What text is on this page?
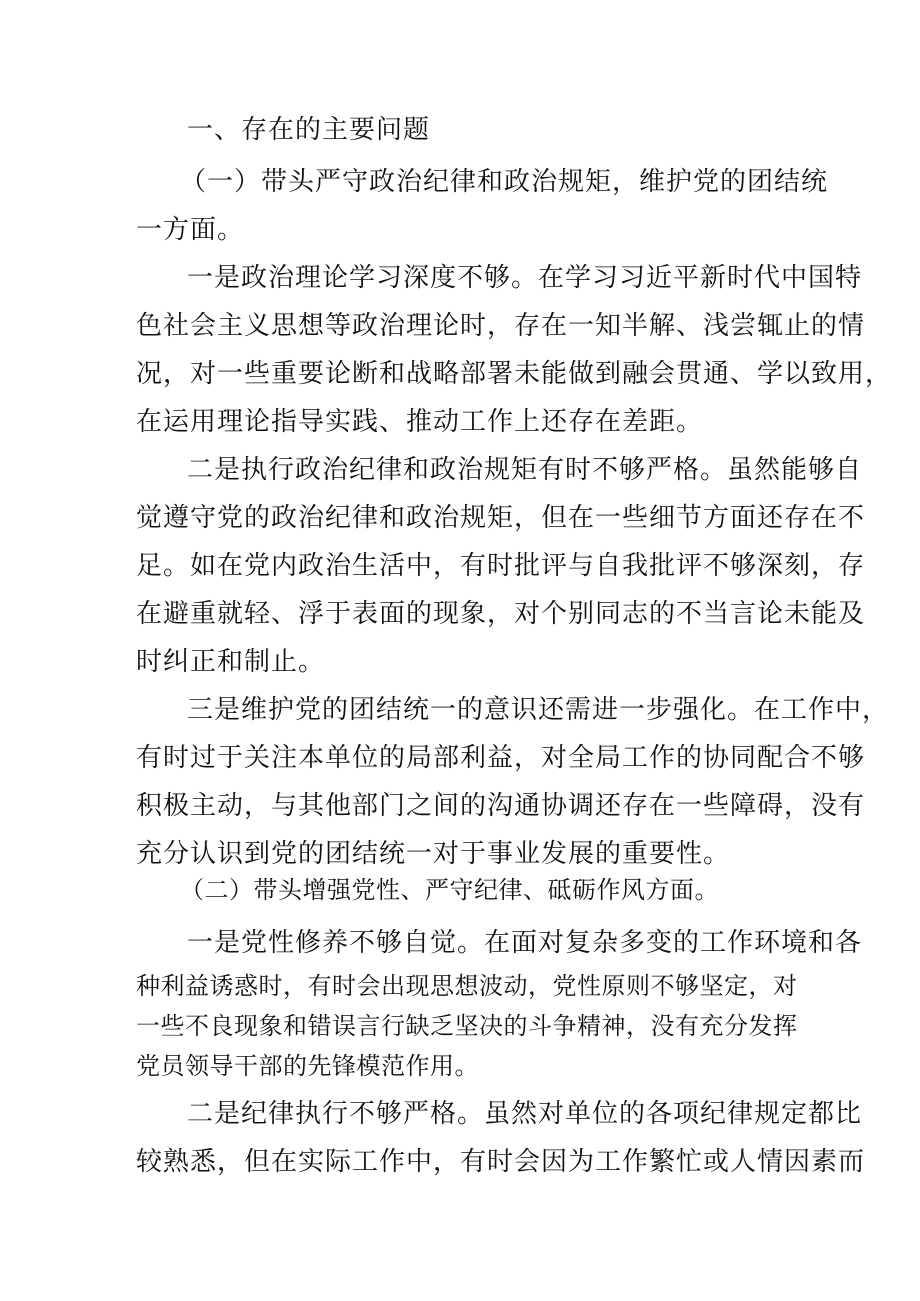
一、存在的主要问题
（一）带头严守政治纪律和政治规矩，维护党的团结统
一方面。
一是政治理论学习深度不够。在学习习近平新时代中国特
色社会主义思想等政治理论时，存在一知半解、浅尝辄止的情
况，对一些重要论断和战略部署未能做到融会贯通、学以致用，
在运用理论指导实践、推动工作上还存在差距。
二是执行政治纪律和政治规矩有时不够严格。虽然能够自
觉遵守党的政治纪律和政治规矩，但在一些细节方面还存在不
足。如在党内政治生活中，有时批评与自我批评不够深刻，存
在避重就轻、浮于表面的现象，对个别同志的不当言论未能及
时纠正和制止。
三是维护党的团结统一的意识还需进一步强化。在工作中，
有时过于关注本单位的局部利益，对全局工作的协同配合不够
积极主动，与其他部门之间的沟通协调还存在一些障碍，没有
充分认识到党的团结统一对于事业发展的重要性。
（二）带头增强党性、严守纪律、砥砺作风方面。
一是党性修养不够自觉。在面对复杂多变的工作环境和各
种利益诱惑时，有时会出现思想波动，党性原则不够坚定，对
一些不良现象和错误言行缺乏坚决的斗争精神，没有充分发挥
党员领导干部的先锋模范作用。
二是纪律执行不够严格。虽然对单位的各项纪律规定都比
较熟悉，但在实际工作中，有时会因为工作繁忙或人情因素而
